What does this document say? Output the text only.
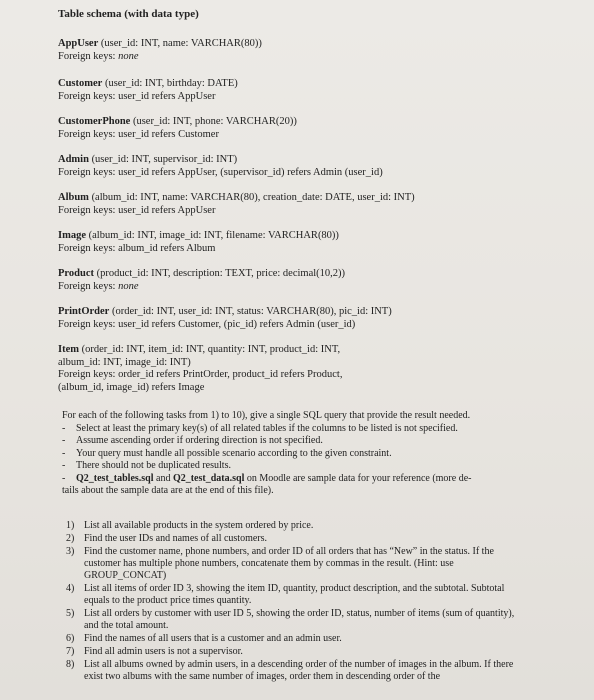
Table schema (with data type)
AppUser (user_id: INT, name: VARCHAR(80))
Foreign keys: none
Customer (user_id: INT, birthday: DATE)
Foreign keys: user_id refers AppUser
CustomerPhone (user_id: INT, phone: VARCHAR(20))
Foreign keys: user_id refers Customer
Admin (user_id: INT, supervisor_id: INT)
Foreign keys: user_id refers AppUser, (supervisor_id) refers Admin (user_id)
Album (album_id: INT, name: VARCHAR(80), creation_date: DATE, user_id: INT)
Foreign keys: user_id refers AppUser
Image (album_id: INT, image_id: INT, filename: VARCHAR(80))
Foreign keys: album_id refers Album
Product (product_id: INT, description: TEXT, price: decimal(10,2))
Foreign keys: none
PrintOrder (order_id: INT, user_id: INT, status: VARCHAR(80), pic_id: INT)
Foreign keys: user_id refers Customer, (pic_id) refers Admin (user_id)
Item (order_id: INT, item_id: INT, quantity: INT, product_id: INT,
album_id: INT, image_id: INT)
Foreign keys: order_id refers PrintOrder, product_id refers Product,
(album_id, image_id) refers Image
For each of the following tasks from 1) to 10), give a single SQL query that provide the result needed.
-	Select at least the primary key(s) of all related tables if the columns to be listed is not specified.
-	Assume ascending order if ordering direction is not specified.
-	Your query must handle all possible scenario according to the given constraint.
-	There should not be duplicated results.
-	Q2_test_tables.sql and Q2_test_data.sql on Moodle are sample data for your reference (more de-
tails about the sample data are at the end of this file).
1) List all available products in the system ordered by price.
2) Find the user IDs and names of all customers.
3) Find the customer name, phone numbers, and order ID of all orders that has “New” in the status. If the customer has multiple phone numbers, concatenate them by commas in the result. (Hint: use GROUP_CONCAT)
4) List all items of order ID 3, showing the item ID, quantity, product description, and the subtotal. Subtotal equals to the product price times quantity.
5) List all orders by customer with user ID 5, showing the order ID, status, number of items (sum of quantity), and the total amount.
6) Find the names of all users that is a customer and an admin user.
7) Find all admin users is not a supervisor.
8) List all albums owned by admin users, in a descending order of the number of images in the album. If there exist two albums with the same number of images, order them in descending order of the
